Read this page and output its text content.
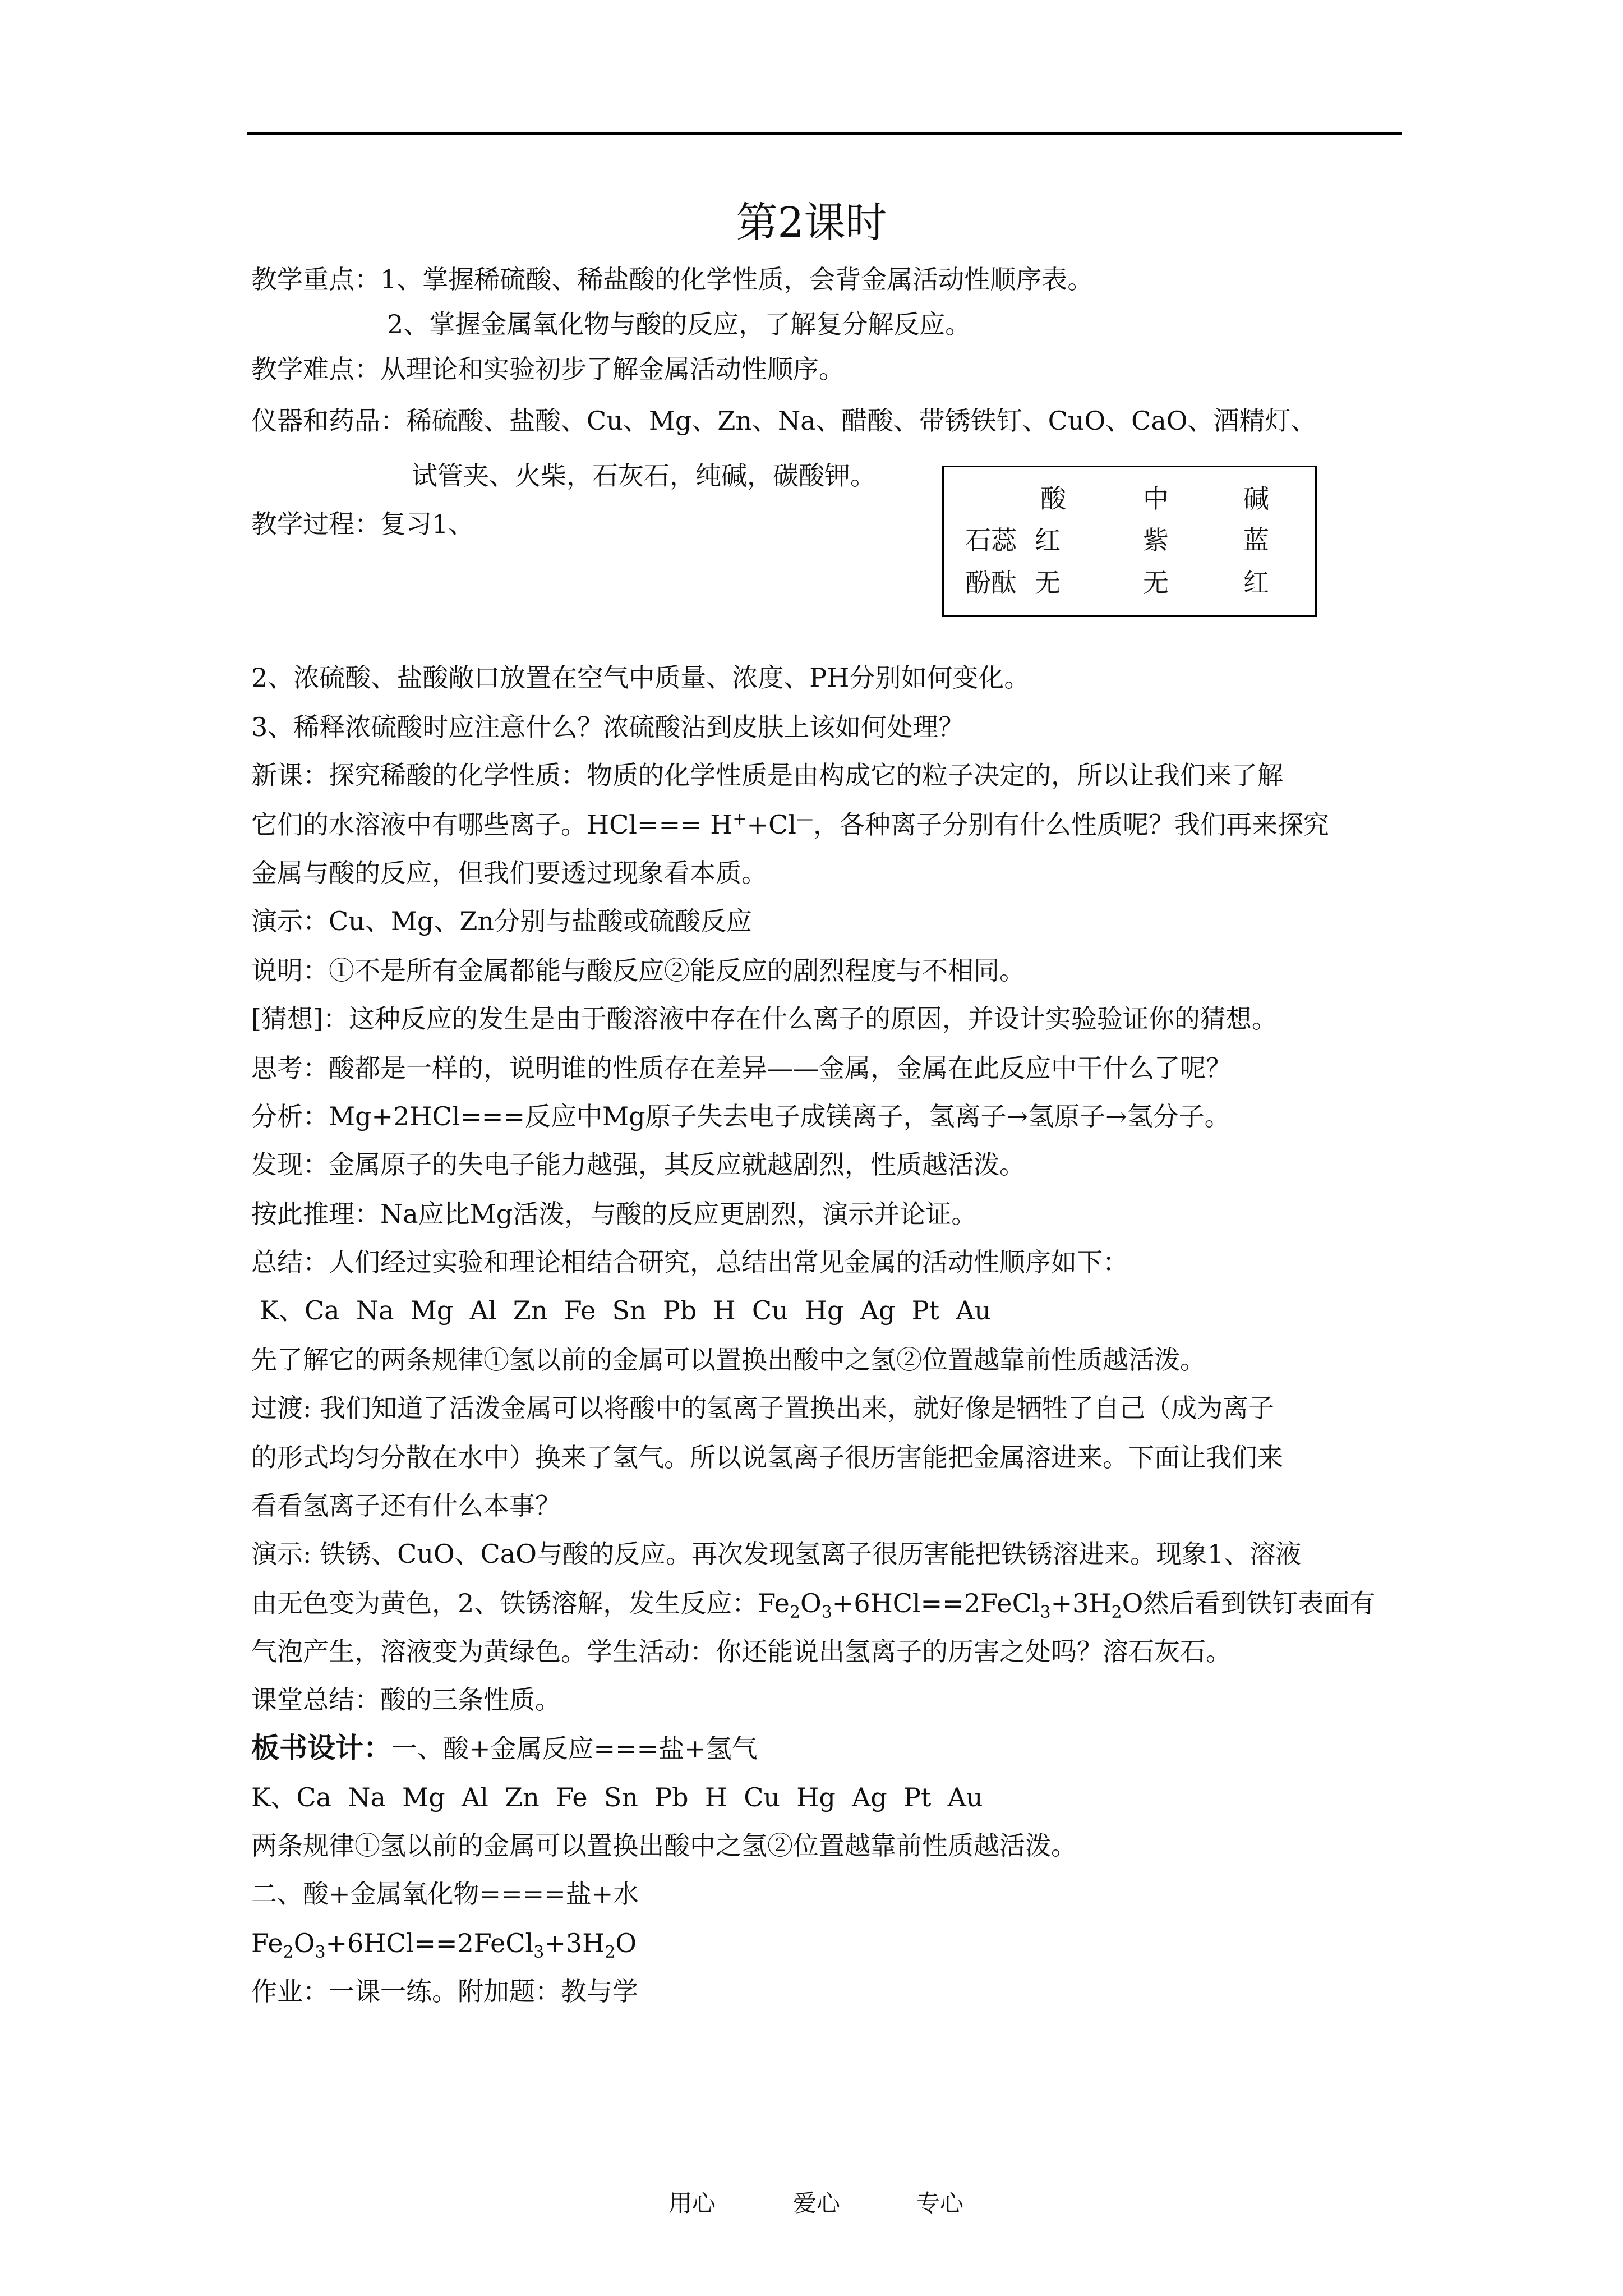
第2课时
教学重点：1、掌握稀硫酸、稀盐酸的化学性质，会背金属活动性顺序表。
2、掌握金属氧化物与酸的反应，了解复分解反应。
教学难点：从理论和实验初步了解金属活动性顺序。
仪器和药品：稀硫酸、盐酸、Cu、Mg、Zn、Na、醋酸、带锈铁钉、CuO、CaO、酒精灯、
试管夹、火柴，石灰石，纯碱，碳酸钾。
教学过程：复习1、
酸	中	碱
石蕊 红	紫	蓝
酚酞 无	无	红
2、浓硫酸、盐酸敞口放置在空气中质量、浓度、PH分别如何变化。
3、稀释浓硫酸时应注意什么？浓硫酸沾到皮肤上该如何处理？
新课：探究稀酸的化学性质：物质的化学性质是由构成它的粒子决定的，所以让我们来了解
它们的水溶液中有哪些离子。HCl=== H++Cl—，各种离子分别有什么性质呢？我们再来探究
金属与酸的反应，但我们要透过现象看本质。
演示：Cu、Mg、Zn分别与盐酸或硫酸反应
说明：①不是所有金属都能与酸反应②能反应的剧烈程度与不相同。
[猜想]：这种反应的发生是由于酸溶液中存在什么离子的原因，并设计实验验证你的猜想。
思考：酸都是一样的，说明谁的性质存在差异——金属，金属在此反应中干什么了呢？
分析：Mg+2HCl===反应中Mg原子失去电子成镁离子，氢离子→氢原子→氢分子。
发现：金属原子的失电子能力越强，其反应就越剧烈，性质越活泼。
按此推理：Na应比Mg活泼，与酸的反应更剧烈，演示并论证。
总结：人们经过实验和理论相结合研究，总结出常见金属的活动性顺序如下：
K、Ca  Na  Mg  Al  Zn  Fe  Sn  Pb  H  Cu  Hg  Ag  Pt  Au
先了解它的两条规律①氢以前的金属可以置换出酸中之氢②位置越靠前性质越活泼。
过渡: 我们知道了活泼金属可以将酸中的氢离子置换出来，就好像是牺牲了自己（成为离子
的形式均匀分散在水中）换来了氢气。所以说氢离子很历害能把金属溶进来。下面让我们来
看看氢离子还有什么本事？
演示: 铁锈、CuO、CaO与酸的反应。再次发现氢离子很历害能把铁锈溶进来。现象1、溶液
由无色变为黄色，2、铁锈溶解，发生反应：$Fe_2O_3+6HCl==2FeCl_3+3H_2O$然后看到铁钉表面有
气泡产生，溶液变为黄绿色。学生活动：你还能说出氢离子的历害之处吗？溶石灰石。
课堂总结：酸的三条性质。
板书设计：一、酸+金属反应===盐+氢气
K、Ca  Na  Mg  Al  Zn  Fe  Sn  Pb  H  Cu  Hg  Ag  Pt  Au
两条规律①氢以前的金属可以置换出酸中之氢②位置越靠前性质越活泼。
二、酸+金属氧化物====盐+水
$Fe_2O_3+6HCl==2FeCl_3+3H_2O$
作业：一课一练。附加题：教与学
用心	爱心	专心
